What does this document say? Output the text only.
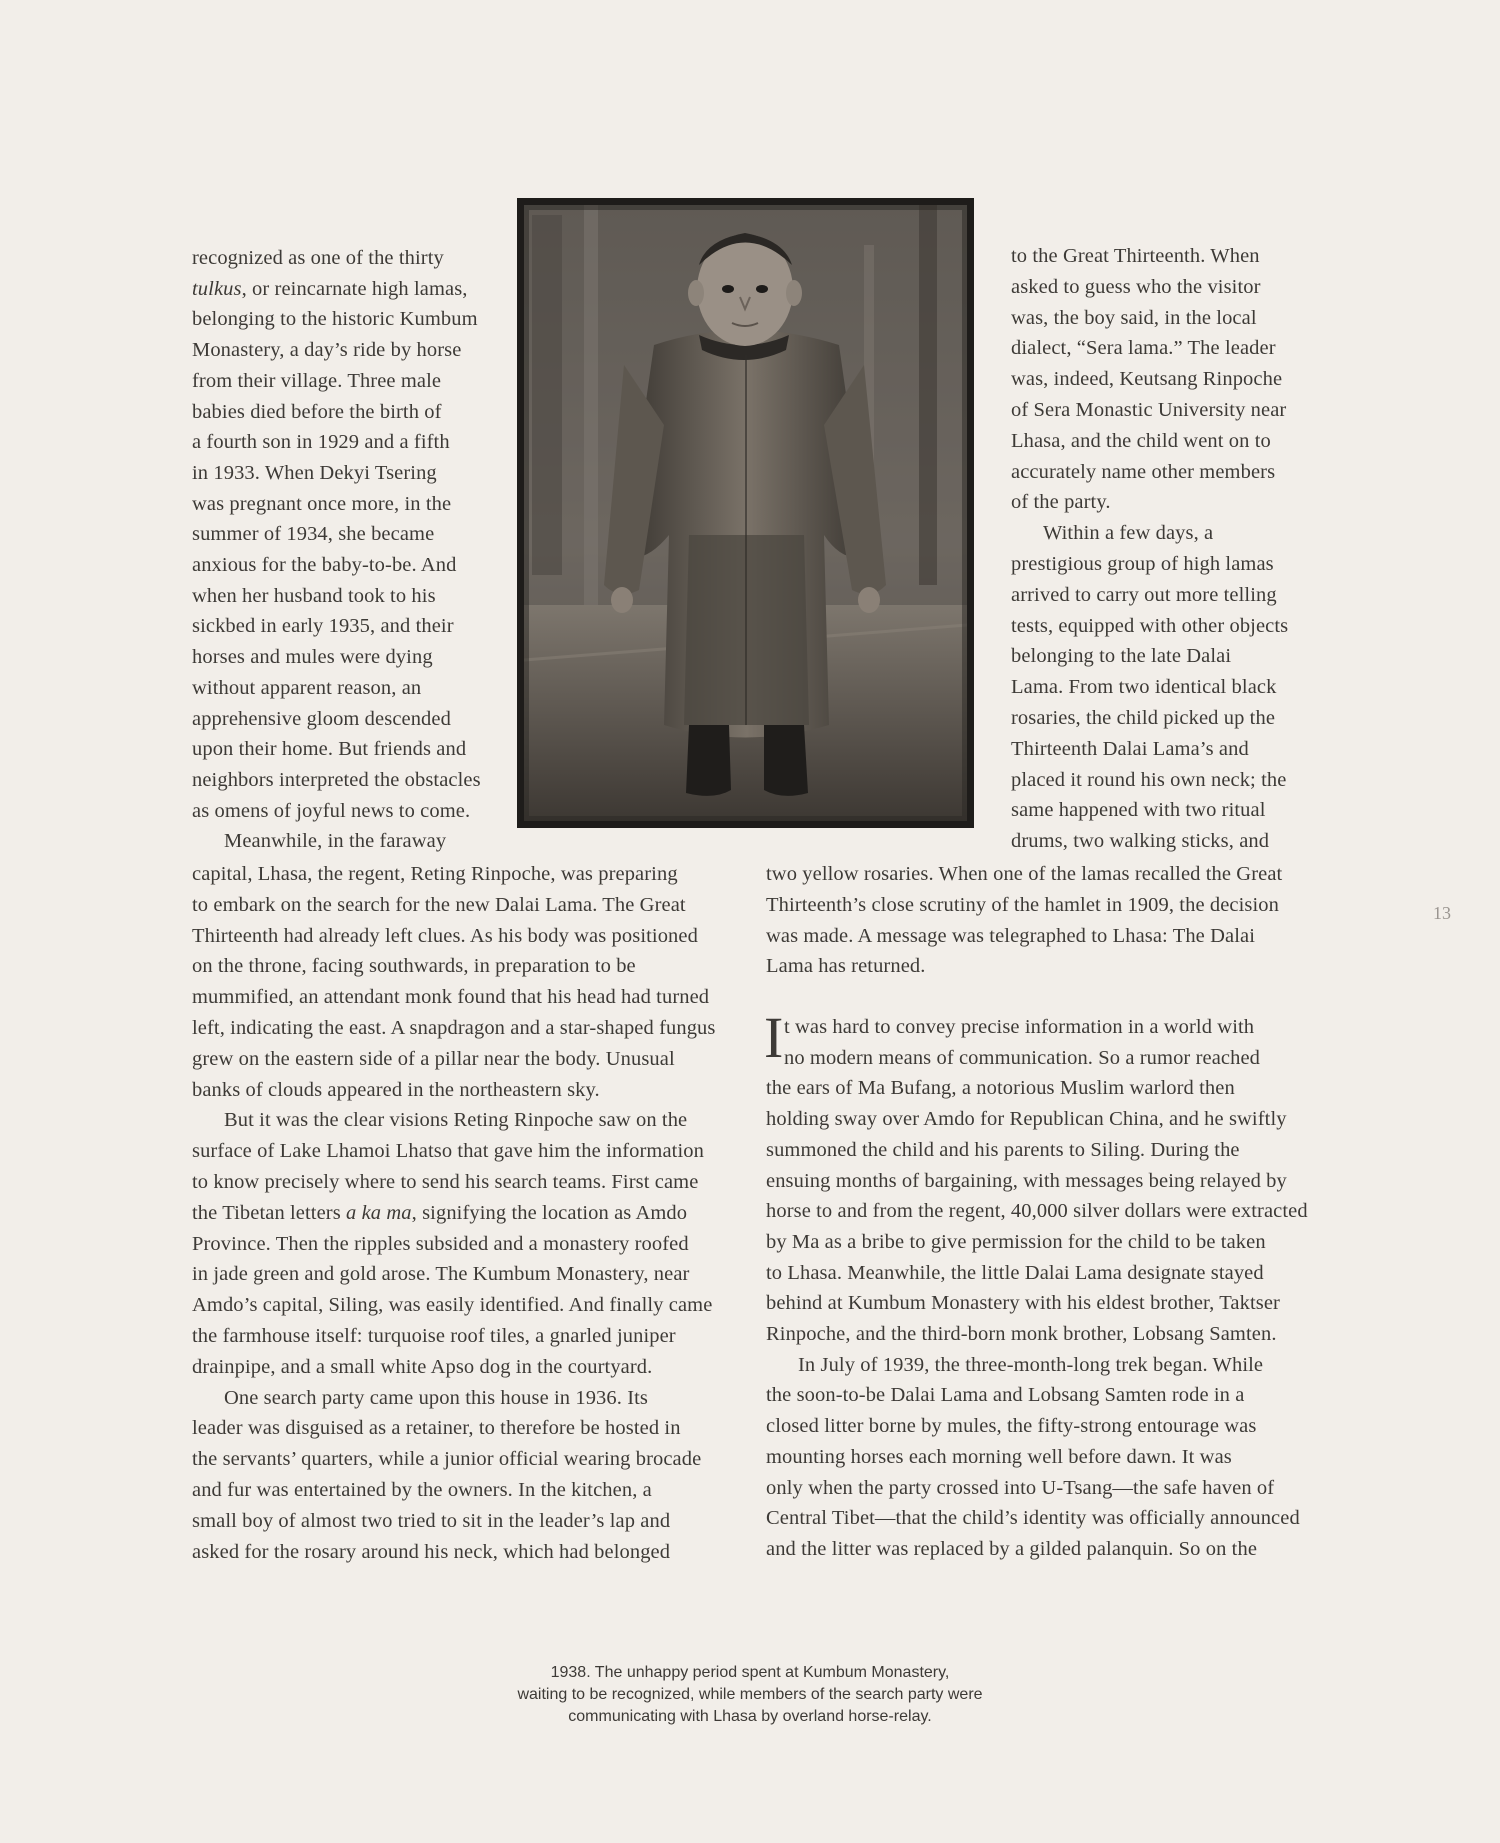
recognized as one of the thirty
tulkus, or reincarnate high lamas,
belonging to the historic Kumbum
Monastery, a day’s ride by horse
from their village. Three male
babies died before the birth of
a fourth son in 1929 and a fifth
in 1933. When Dekyi Tsering
was pregnant once more, in the
summer of 1934, she became
anxious for the baby-to-be. And
when her husband took to his
sickbed in early 1935, and their
horses and mules were dying
without apparent reason, an
apprehensive gloom descended
upon their home. But friends and
neighbors interpreted the obstacles
as omens of joyful news to come.
Meanwhile, in the faraway
capital, Lhasa, the regent, Reting Rinpoche, was preparing
to embark on the search for the new Dalai Lama. The Great
Thirteenth had already left clues. As his body was positioned
on the throne, facing southwards, in preparation to be
mummified, an attendant monk found that his head had turned
left, indicating the east. A snapdragon and a star-shaped fungus
grew on the eastern side of a pillar near the body. Unusual
banks of clouds appeared in the northeastern sky.
But it was the clear visions Reting Rinpoche saw on the
surface of Lake Lhamoi Lhatso that gave him the information
to know precisely where to send his search teams. First came
the Tibetan letters a ka ma, signifying the location as Amdo
Province. Then the ripples subsided and a monastery roofed
in jade green and gold arose. The Kumbum Monastery, near
Amdo’s capital, Siling, was easily identified. And finally came
the farmhouse itself: turquoise roof tiles, a gnarled juniper
drainpipe, and a small white Apso dog in the courtyard.
One search party came upon this house in 1936. Its
leader was disguised as a retainer, to therefore be hosted in
the servants’ quarters, while a junior official wearing brocade
and fur was entertained by the owners. In the kitchen, a
small boy of almost two tried to sit in the leader’s lap and
asked for the rosary around his neck, which had belonged
to the Great Thirteenth. When
asked to guess who the visitor
was, the boy said, in the local
dialect, “Sera lama.” The leader
was, indeed, Keutsang Rinpoche
of Sera Monastic University near
Lhasa, and the child went on to
accurately name other members
of the party.
Within a few days, a
prestigious group of high lamas
arrived to carry out more telling
tests, equipped with other objects
belonging to the late Dalai
Lama. From two identical black
rosaries, the child picked up the
Thirteenth Dalai Lama’s and
placed it round his own neck; the
same happened with two ritual
drums, two walking sticks, and
two yellow rosaries. When one of the lamas recalled the Great
Thirteenth’s close scrutiny of the hamlet in 1909, the decision
was made. A message was telegraphed to Lhasa: The Dalai
Lama has returned.
I t was hard to convey precise information in a world with
no modern means of communication. So a rumor reached
the ears of Ma Bufang, a notorious Muslim warlord then
holding sway over Amdo for Republican China, and he swiftly
summoned the child and his parents to Siling. During the
ensuing months of bargaining, with messages being relayed by
horse to and from the regent, 40,000 silver dollars were extracted
by Ma as a bribe to give permission for the child to be taken
to Lhasa. Meanwhile, the little Dalai Lama designate stayed
behind at Kumbum Monastery with his eldest brother, Taktser
Rinpoche, and the third-born monk brother, Lobsang Samten.
In July of 1939, the three-month-long trek began. While
the soon-to-be Dalai Lama and Lobsang Samten rode in a
closed litter borne by mules, the fifty-strong entourage was
mounting horses each morning well before dawn. It was
only when the party crossed into U-Tsang—the safe haven of
Central Tibet—that the child’s identity was officially announced
and the litter was replaced by a gilded palanquin. So on the
1938. The unhappy period spent at Kumbum Monastery,
waiting to be recognized, while members of the search party were
communicating with Lhasa by overland horse-relay.
13
